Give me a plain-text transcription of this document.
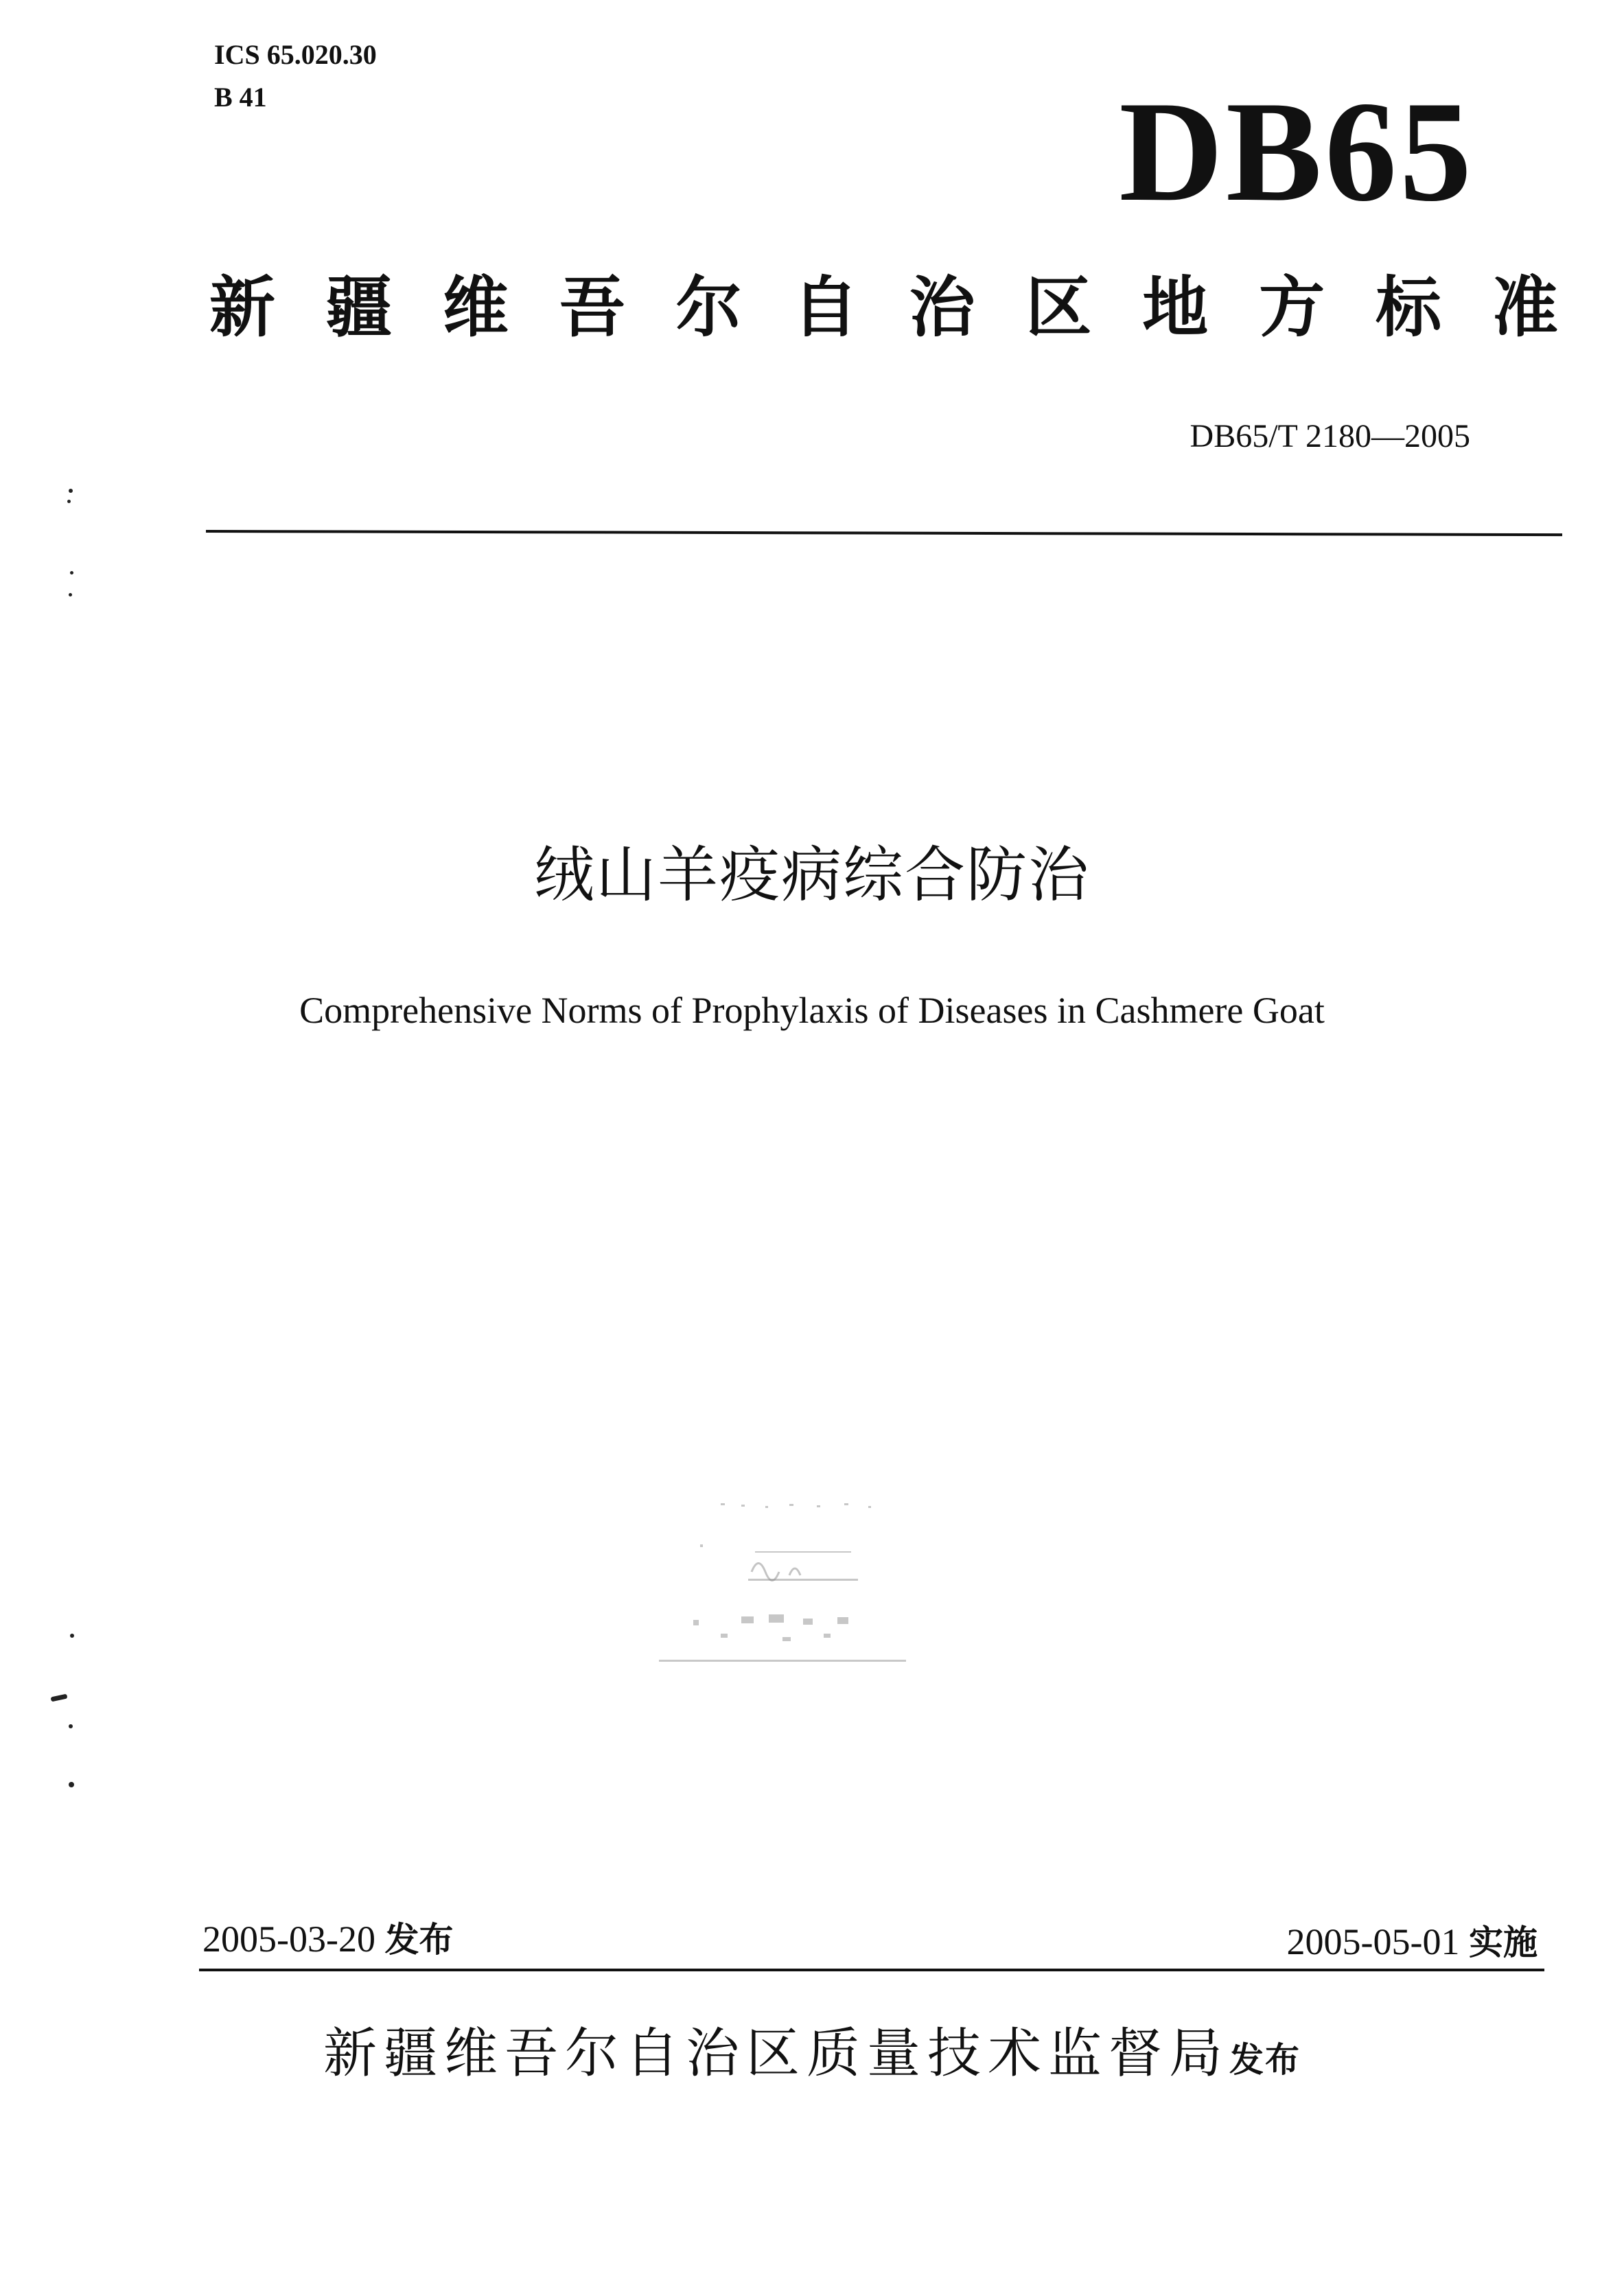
ICS 65.020.30
B 41	DB65
新 疆 维 吾 尔 自 治 区 地 方 标 准
DB65/T 2180—2005
绒山羊疫病综合防治
Comprehensive Norms of Prophylaxis of Diseases in Cashmere Goat
2005-03-20 发布	2005-05-01 实施
新疆维吾尔自治区质量技术监督局发布
